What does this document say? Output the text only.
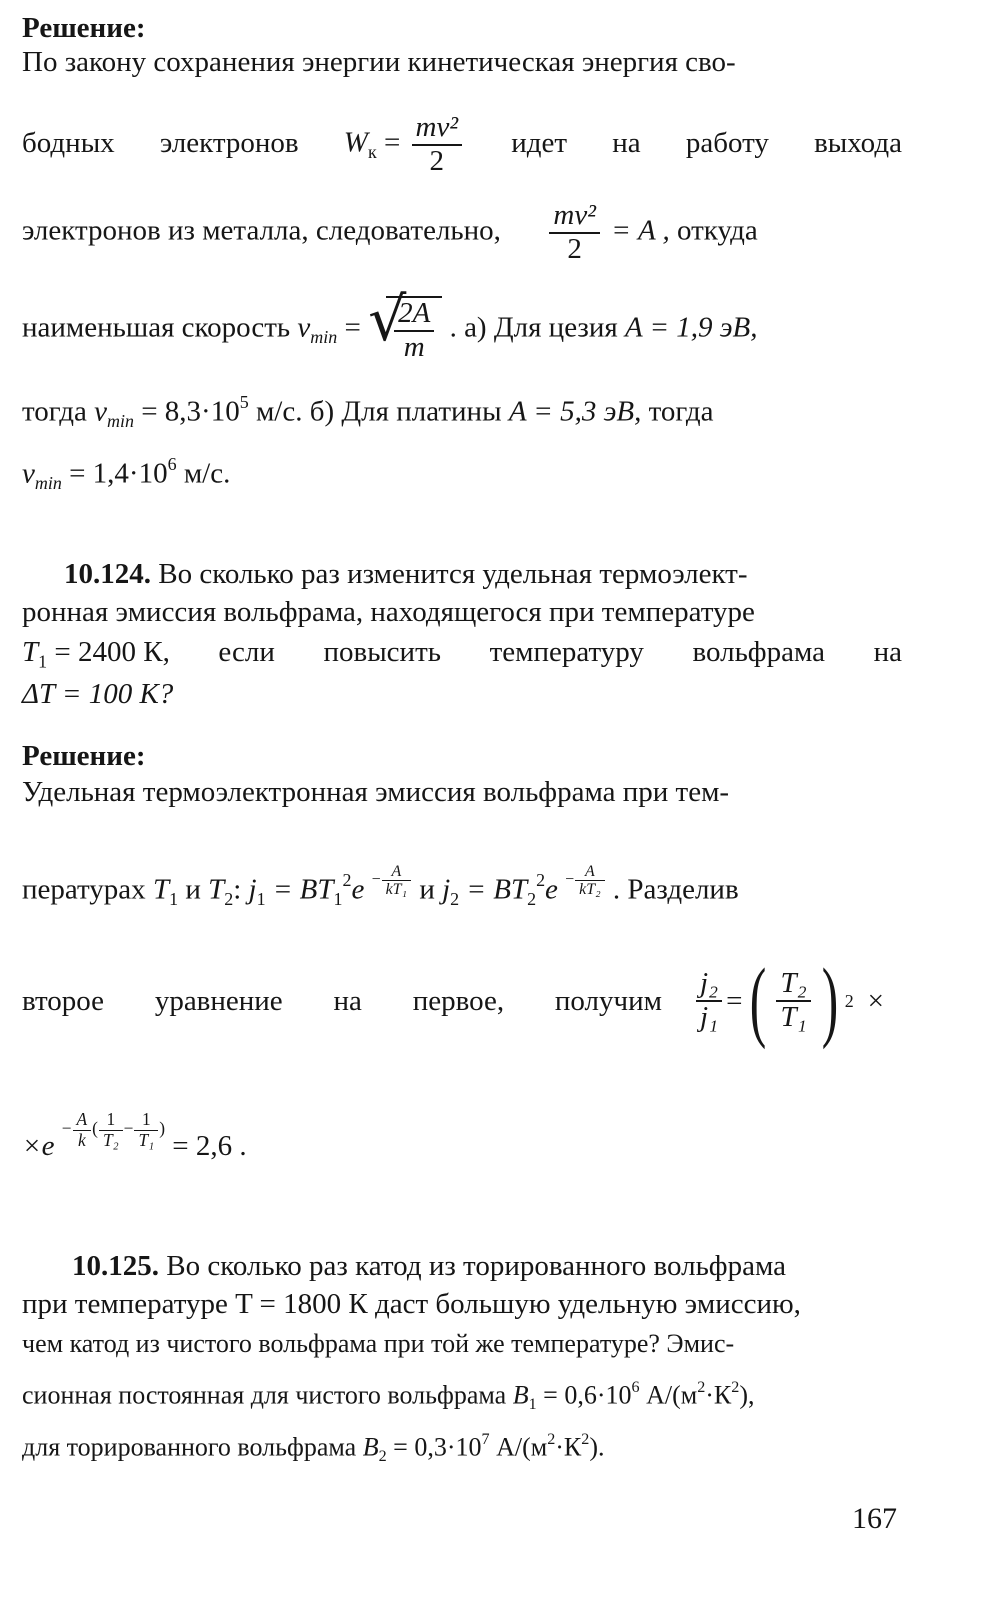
Решение:
По закону сохранения энергии кинетическая энергия сво-
бодных электронов $W_к = \frac{\text{mv²}}{2}$ идет на работу выхода
электронов из металла, следовательно, $\frac{\text{mv²}}{2} = A$ , откуда
наименьшая скорость $v_{min}$ = √
$\frac{2A}{m}$ . а) Для цезия A = 1,9 эВ,
тогда $v_{min} = 8,3\cdot 10^5$ м/с. б) Для платины A = 5,3 эВ, тогда
$v_{min} = 1,4\cdot 10^6$ м/с.
10.124. Во сколько раз изменится удельная термоэлект-
ронная эмиссия вольфрама, находящегося при температуре
$T_1 = 2400$ К, если повысить температуру вольфрама на
ΔT = 100 К?
Решение:
Удельная термоэлектронная эмиссия вольфрама при тем-
пературах $T_1$ и $T_2$: $j_1 = BT_1^2e - \frac{A}{\text{kT₁}}$ и $j_2 = BT_2^2e - \frac{A}{\text{kT₂}}$ . Разделив
второе уравнение на первое, получим $\frac{\text{j₂}}{\text{j₁}}$ = ( $\frac{\text{T₂}}{\text{T₁}}$ ) 2 ×
$\times e - \frac{A}{k}$ ( $\frac{1}{\text{T₂}} - \frac{1}{\text{T₁}}$ ) = 2,6 .
10.125. Во сколько раз катод из торированного вольфрама
при температуре T = 1800 К даст большую удельную эмиссию,
чем катод из чистого вольфрама при той же температуре? Эмис-
сионная постоянная для чистого вольфрама $B_1 = 0,6\cdot 10^6$ $А/(м^2\cdot К^2)$,
для торированного вольфрама $B_2 = 0,3\cdot 10^7$ $А/(м^2\cdot К^2)$.
167
